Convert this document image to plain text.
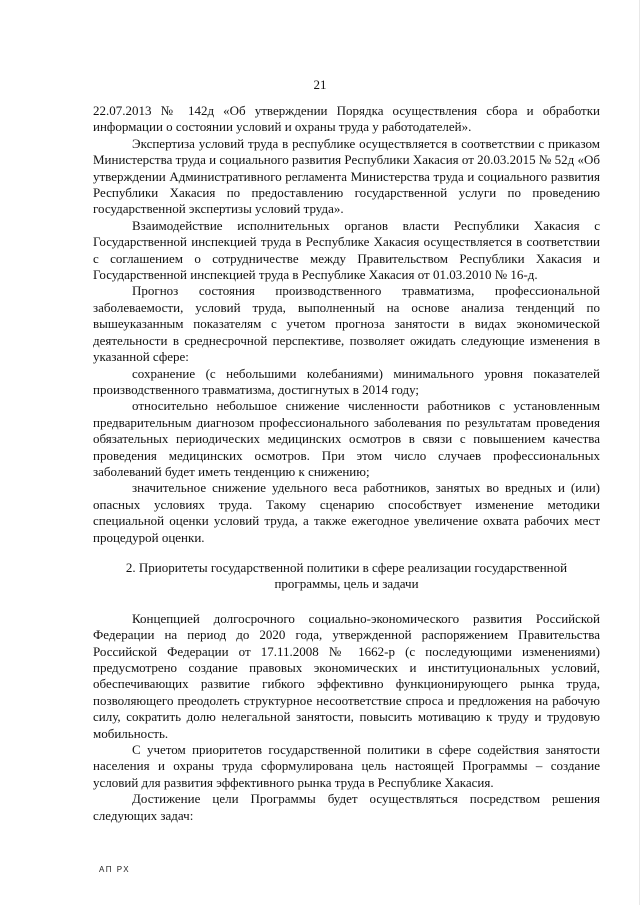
21

22.07.2013 № 142д «Об утверждении Порядка осуществления сбора и обработки информации о состоянии условий и охраны труда у работодателей».

Экспертиза условий труда в республике осуществляется в соответствии с приказом Министерства труда и социального развития Республики Хакасия от 20.03.2015 № 52д «Об утверждении Административного регламента Министерства труда и социального развития Республики Хакасия по предоставлению государственной услуги по проведению государственной экспертизы условий труда».

Взаимодействие исполнительных органов власти Республики Хакасия с Государственной инспекцией труда в Республике Хакасия осуществляется в соответствии с соглашением о сотрудничестве между Правительством Республики Хакасия и Государственной инспекцией труда в Республике Хакасия от 01.03.2010 № 16-д.

Прогноз состояния производственного травматизма, профессиональной заболеваемости, условий труда, выполненный на основе анализа тенденций по вышеуказанным показателям с учетом прогноза занятости в видах экономической деятельности в среднесрочной перспективе, позволяет ожидать следующие изменения в указанной сфере:

сохранение (с небольшими колебаниями) минимального уровня показателей производственного травматизма, достигнутых в 2014 году;

относительно небольшое снижение численности работников с установленным предварительным диагнозом профессионального заболевания по результатам проведения обязательных периодических медицинских осмотров в связи с повышением качества проведения медицинских осмотров. При этом число случаев профессиональных заболеваний будет иметь тенденцию к снижению;

значительное снижение удельного веса работников, занятых во вредных и (или) опасных условиях труда. Такому сценарию способствует изменение методики специальной оценки условий труда, а также ежегодное увеличение охвата рабочих мест процедурой оценки.

2. Приоритеты государственной политики в сфере реализации государственной программы, цель и задачи

Концепцией долгосрочного социально-экономического развития Российской Федерации на период до 2020 года, утвержденной распоряжением Правительства Российской Федерации от 17.11.2008 № 1662-р (с последующими изменениями) предусмотрено создание правовых экономических и институциональных условий, обеспечивающих развитие гибкого эффективно функционирующего рынка труда, позволяющего преодолеть структурное несоответствие спроса и предложения на рабочую силу, сократить долю нелегальной занятости, повысить мотивацию к труду и трудовую мобильность.

С учетом приоритетов государственной политики в сфере содействия занятости населения и охраны труда сформулирована цель настоящей Программы – создание условий для развития эффективного рынка труда в Республике Хакасия.

Достижение цели Программы будет осуществляться посредством решения следующих задач:

АП РХ
